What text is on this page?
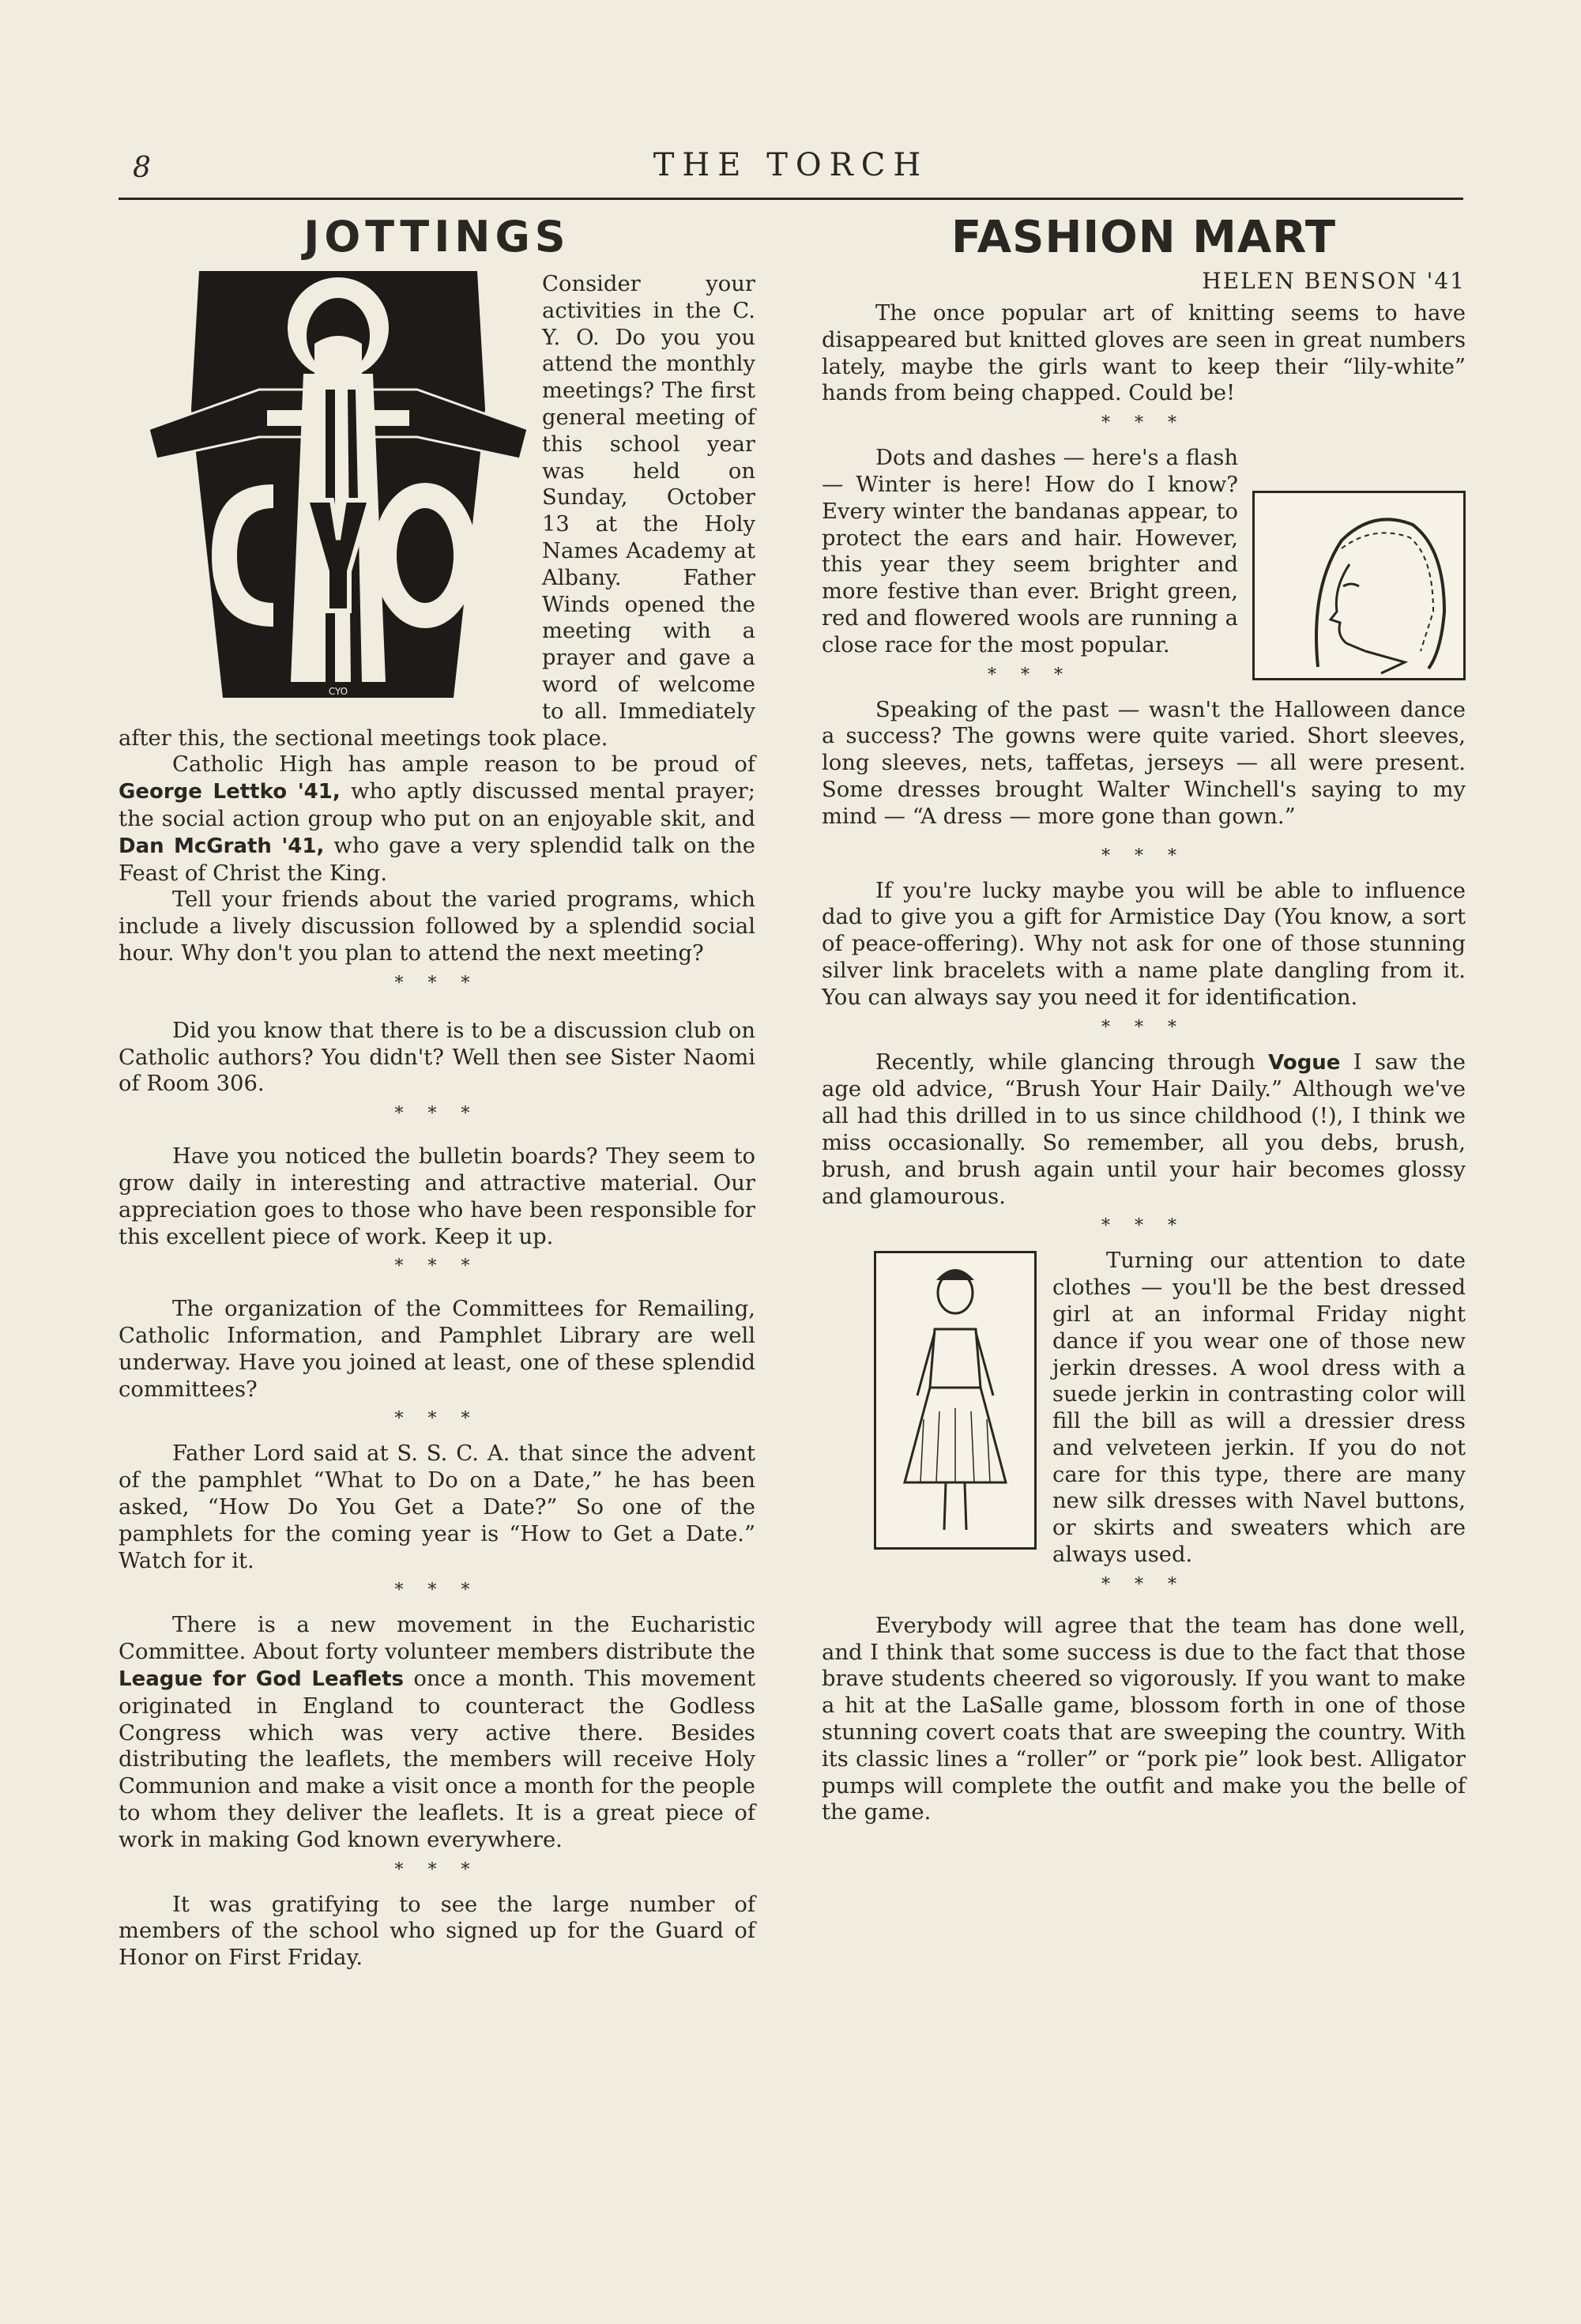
8	THE TORCH
JOTTINGS
CYO

Consider your activities in the C. Y. O. Do you you attend the monthly meetings? The first general meeting of this school year was held on Sunday, October 13 at the Holy Names Academy at Albany. Father Winds opened the meeting with a prayer and gave a word of welcome to all. Immediately after this, the sectional meetings took place.

Catholic High has ample reason to be proud of George Lettko '41, who aptly discussed mental prayer; the social action group who put on an enjoyable skit, and Dan McGrath '41, who gave a very splendid talk on the Feast of Christ the King.

Tell your friends about the varied programs, which include a lively discussion followed by a splendid social hour. Why don't you plan to attend the next meeting?

* * *

Did you know that there is to be a discussion club on Catholic authors? You didn't? Well then see Sister Naomi of Room 306.

* * *

Have you noticed the bulletin boards? They seem to grow daily in interesting and attractive material. Our appreciation goes to those who have been responsible for this excellent piece of work. Keep it up.

* * *

The organization of the Committees for Remailing, Catholic Information, and Pamphlet Library are well underway. Have you joined at least, one of these splendid committees?

* * *

Father Lord said at S. S. C. A. that since the advent of the pamphlet “What to Do on a Date,” he has been asked, “How Do You Get a Date?” So one of the pamphlets for the coming year is “How to Get a Date.” Watch for it.

* * *

There is a new movement in the Eucharistic Committee. About forty volunteer members distribute the League for God Leaflets once a month. This movement originated in England to counteract the Godless Congress which was very active there. Besides distributing the leaflets, the members will receive Holy Communion and make a visit once a month for the people to whom they deliver the leaflets. It is a great piece of work in making God known everywhere.

* * *

It was gratifying to see the large number of members of the school who signed up for the Guard of Honor on First Friday.

FASHION MART
HELEN BENSON '41

The once popular art of knitting seems to have disappeared but knitted gloves are seen in great numbers lately, maybe the girls want to keep their “lily-white” hands from being chapped. Could be!

* * *

Dots and dashes — here's a flash — Winter is here! How do I know? Every winter the bandanas appear, to protect the ears and hair. However, this year they seem brighter and more festive than ever. Bright green, red and flowered wools are running a close race for the most popular.

* * *

Speaking of the past — wasn't the Halloween dance a success? The gowns were quite varied. Short sleeves, long sleeves, nets, taffetas, jerseys — all were present. Some dresses brought Walter Winchell's saying to my mind — “A dress — more gone than gown.”

* * *

If you're lucky maybe you will be able to influence dad to give you a gift for Armistice Day (You know, a sort of peace-offering). Why not ask for one of those stunning silver link bracelets with a name plate dangling from it. You can always say you need it for identification.

* * *

Recently, while glancing through Vogue I saw the age old advice, “Brush Your Hair Daily.” Although we've all had this drilled in to us since childhood (!), I think we miss occasionally. So remember, all you debs, brush, brush, and brush again until your hair becomes glossy and glamourous.

* * *

Turning our attention to date clothes — you'll be the best dressed girl at an informal Friday night dance if you wear one of those new jerkin dresses. A wool dress with a suede jerkin in contrasting color will fill the bill as will a dressier dress and velveteen jerkin. If you do not care for this type, there are many new silk dresses with Navel buttons, or skirts and sweaters which are always used.

* * *

Everybody will agree that the team has done well, and I think that some success is due to the fact that those brave students cheered so vigorously. If you want to make a hit at the LaSalle game, blossom forth in one of those stunning covert coats that are sweeping the country. With its classic lines a “roller” or “pork pie” look best. Alligator pumps will complete the outfit and make you the belle of the game.
